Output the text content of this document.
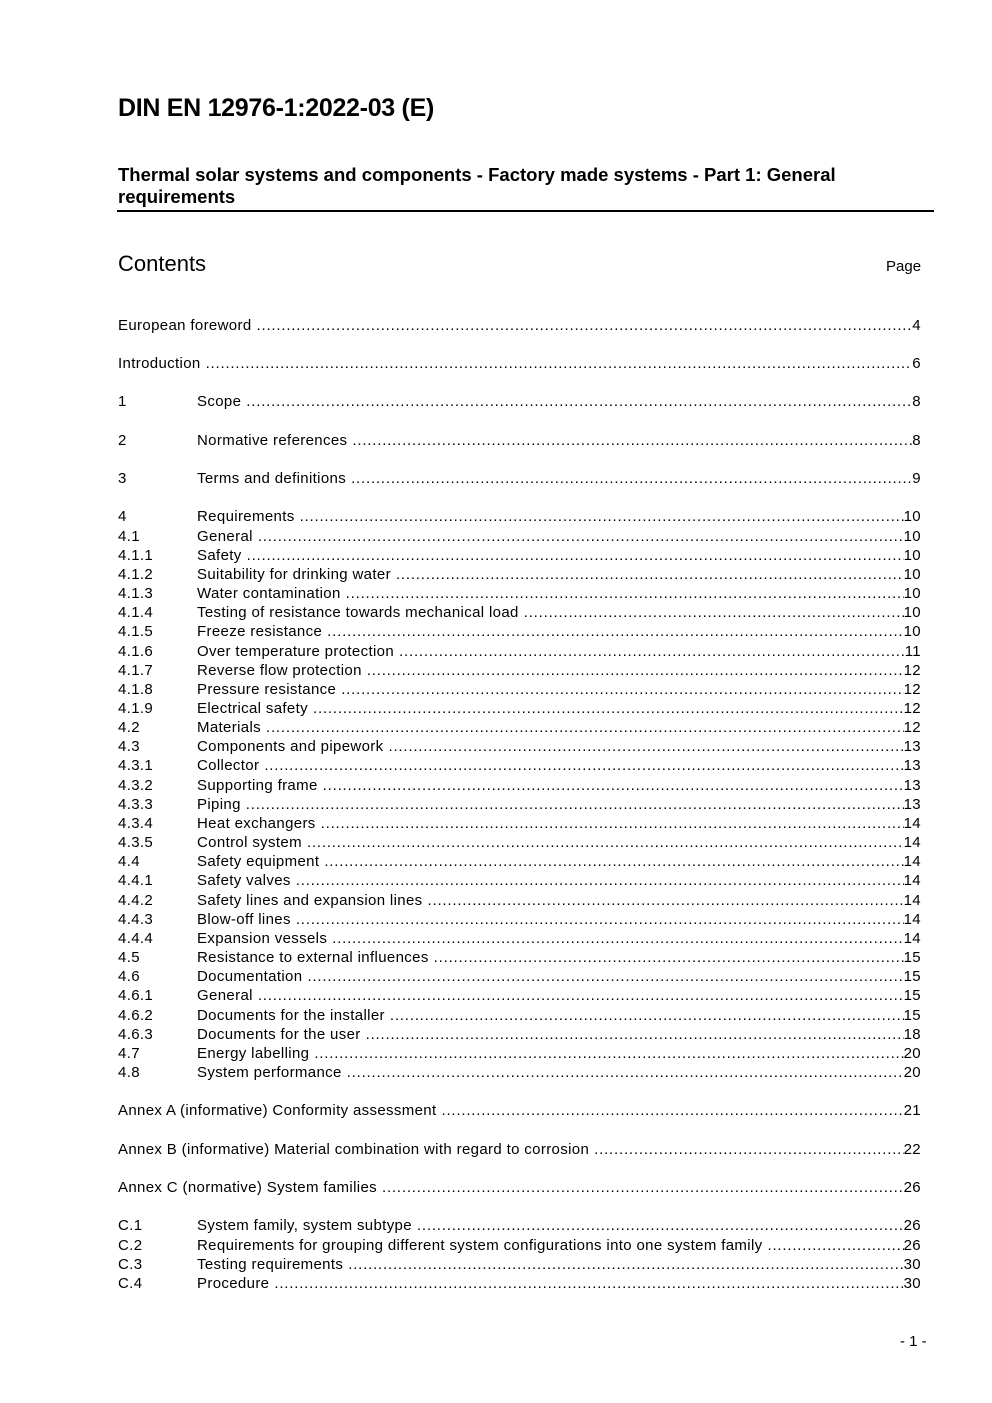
DIN EN 12976-1:2022-03 (E)
Thermal solar systems and components - Factory made systems - Part 1: General requirements
Contents	Page
European foreword .....	4
Introduction .....	6
1	Scope .....	8
2	Normative references .....	8
3	Terms and definitions .....	9
4	Requirements .....	10
4.1	General .....	10
4.1.1	Safety .....	10
4.1.2	Suitability for drinking water .....	10
4.1.3	Water contamination .....	10
4.1.4	Testing of resistance towards mechanical load .....	10
4.1.5	Freeze resistance .....	10
4.1.6	Over temperature protection .....	11
4.1.7	Reverse flow protection .....	12
4.1.8	Pressure resistance .....	12
4.1.9	Electrical safety .....	12
4.2	Materials .....	12
4.3	Components and pipework .....	13
4.3.1	Collector .....	13
4.3.2	Supporting frame .....	13
4.3.3	Piping .....	13
4.3.4	Heat exchangers .....	14
4.3.5	Control system .....	14
4.4	Safety equipment .....	14
4.4.1	Safety valves .....	14
4.4.2	Safety lines and expansion lines .....	14
4.4.3	Blow-off lines .....	14
4.4.4	Expansion vessels .....	14
4.5	Resistance to external influences .....	15
4.6	Documentation .....	15
4.6.1	General .....	15
4.6.2	Documents for the installer .....	15
4.6.3	Documents for the user .....	18
4.7	Energy labelling .....	20
4.8	System performance .....	20
Annex A (informative) Conformity assessment .....	21
Annex B (informative) Material combination with regard to corrosion .....	22
Annex C (normative) System families .....	26
C.1	System family, system subtype .....	26
C.2	Requirements for grouping different system configurations into one system family .....	26
C.3	Testing requirements .....	30
C.4	Procedure .....	30
- 1 -
